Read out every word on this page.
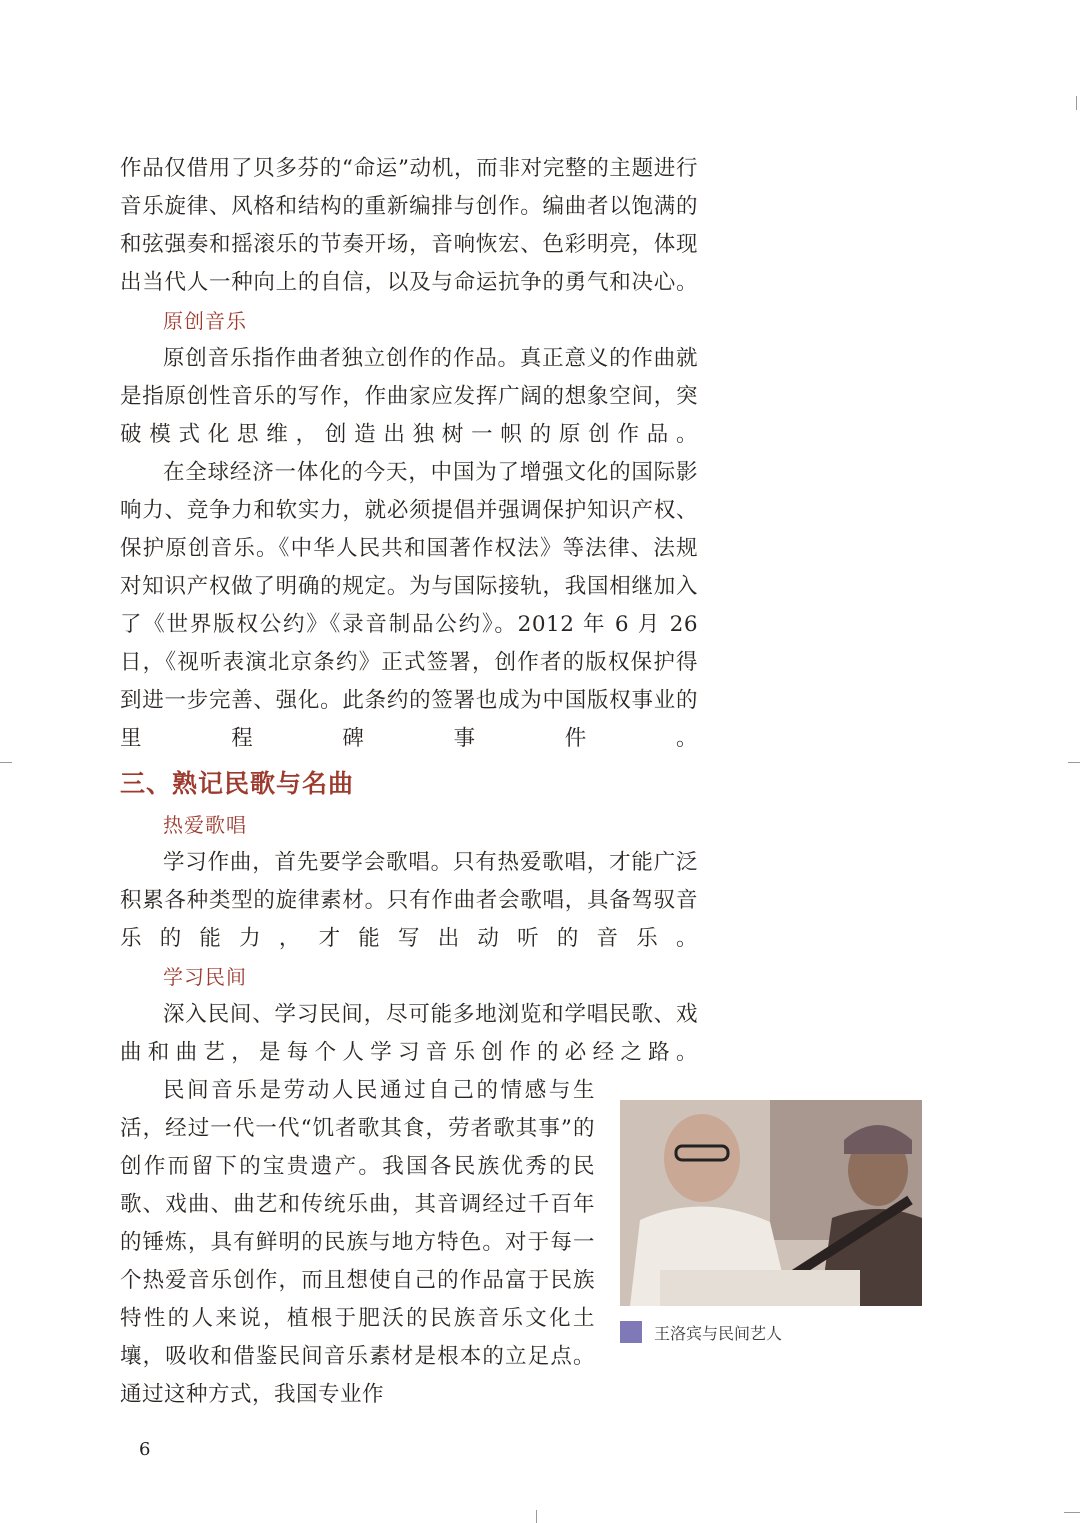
作品仅借用了贝多芬的“命运”动机，而非对完整的主题进行音乐旋律、风格和结构的重新编排与创作。编曲者以饱满的和弦强奏和摇滚乐的节奏开场，音响恢宏、色彩明亮，体现出当代人一种向上的自信，以及与命运抗争的勇气和决心。

原创音乐

原创音乐指作曲者独立创作的作品。真正意义的作曲就是指原创性音乐的写作，作曲家应发挥广阔的想象空间，突破模式化思维，创造出独树一帜的原创作品。

在全球经济一体化的今天，中国为了增强文化的国际影响力、竞争力和软实力，就必须提倡并强调保护知识产权、保护原创音乐。《中华人民共和国著作权法》等法律、法规对知识产权做了明确的规定。为与国际接轨，我国相继加入了《世界版权公约》《录音制品公约》。2012 年 6 月 26 日，《视听表演北京条约》正式签署，创作者的版权保护得到进一步完善、强化。此条约的签署也成为中国版权事业的里程碑事件。

三、熟记民歌与名曲

热爱歌唱

学习作曲，首先要学会歌唱。只有热爱歌唱，才能广泛积累各种类型的旋律素材。只有作曲者会歌唱，具备驾驭音乐的能力，才能写出动听的音乐。

学习民间

深入民间、学习民间，尽可能多地浏览和学唱民歌、戏曲和曲艺，是每个人学习音乐创作的必经之路。

民间音乐是劳动人民通过自己的情感与生活，经过一代一代“饥者歌其食，劳者歌其事”的创作而留下的宝贵遗产。我国各民族优秀的民歌、戏曲、曲艺和传统乐曲，其音调经过千百年的锤炼，具有鲜明的民族与地方特色。对于每一个热爱音乐创作，而且想使自己的作品富于民族特性的人来说，植根于肥沃的民族音乐文化土壤，吸收和借鉴民间音乐素材是根本的立足点。通过这种方式，我国专业作

王洛宾与民间艺人
6
